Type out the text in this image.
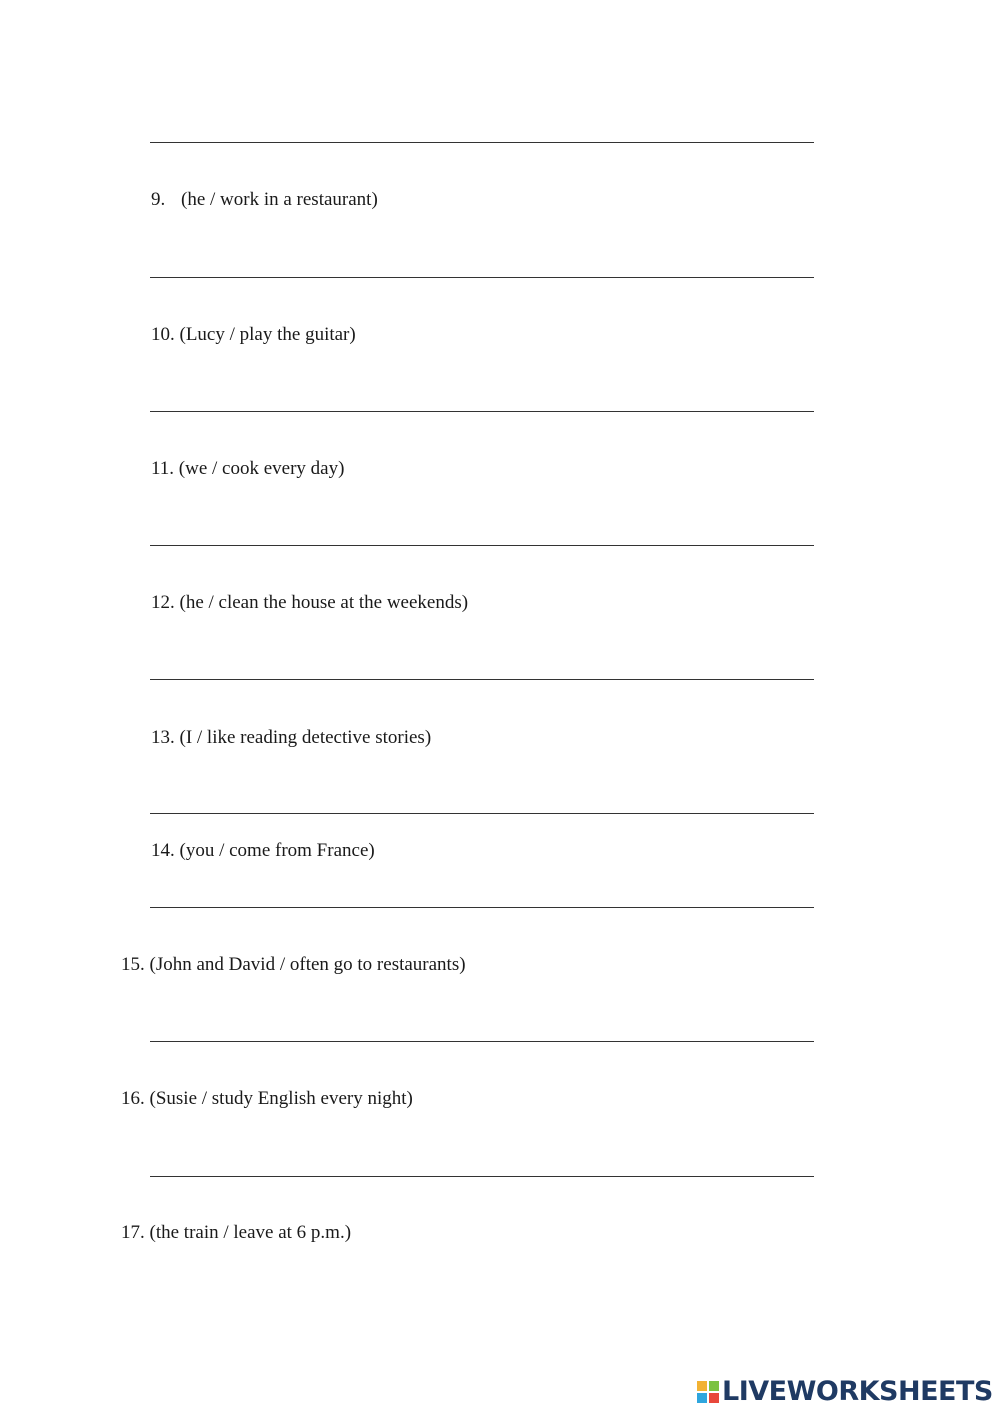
9. (he / work in a restaurant)
10. (Lucy / play the guitar)
11. (we / cook every day)
12. (he / clean the house at the weekends)
13. (I / like reading detective stories)
14. (you / come from France)
15. (John and David / often go to restaurants)
16. (Susie / study English every night)
17. (the train / leave at 6 p.m.)
LIVEWORKSHEETS
